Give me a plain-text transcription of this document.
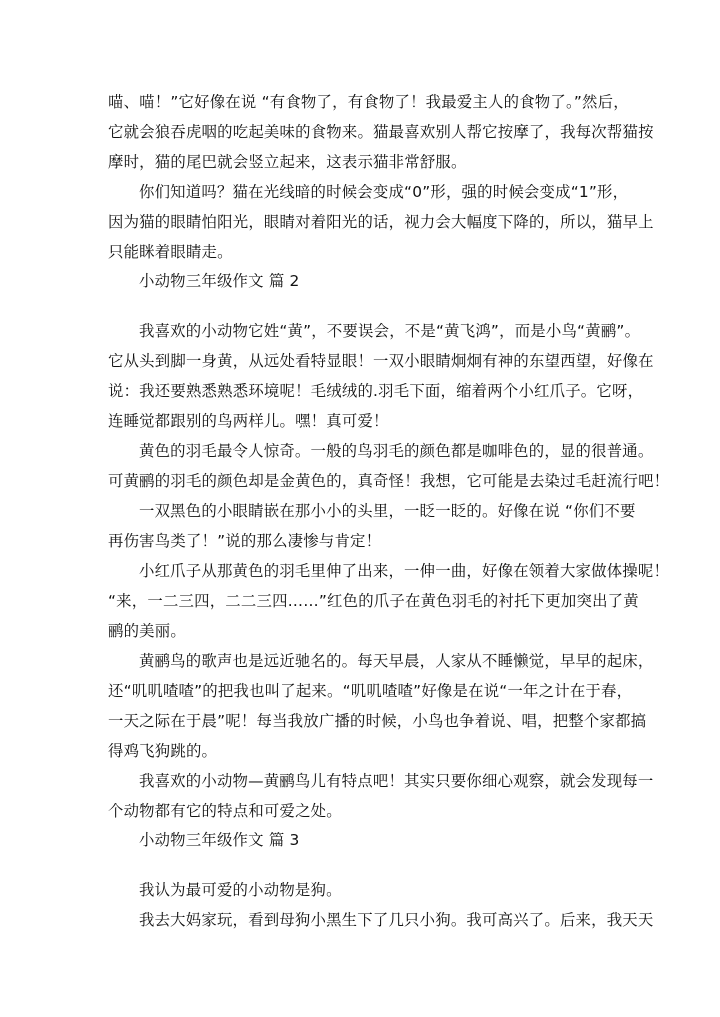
喵、喵！”它好像在说 “有食物了，有食物了！我最爱主人的食物了。”然后，
它就会狼吞虎咽的吃起美味的食物来。猫最喜欢别人帮它按摩了，我每次帮猫按
摩时，猫的尾巴就会竖立起来，这表示猫非常舒服。
你们知道吗？猫在光线暗的时候会变成“0”形，强的时候会变成“1”形，
因为猫的眼睛怕阳光，眼睛对着阳光的话，视力会大幅度下降的，所以，猫早上
只能眯着眼睛走。
小动物三年级作文 篇 2
我喜欢的小动物它姓“黄”，不要误会，不是“黄飞鸿”，而是小鸟“黄鹂”。
它从头到脚一身黄，从远处看特显眼！一双小眼睛炯炯有神的东望西望，好像在
说：我还要熟悉熟悉环境呢！毛绒绒的.羽毛下面，缩着两个小红爪子。它呀，
连睡觉都跟别的鸟两样儿。嘿！真可爱！
黄色的羽毛最令人惊奇。一般的鸟羽毛的颜色都是咖啡色的，显的很普通。
可黄鹂的羽毛的颜色却是金黄色的，真奇怪！我想，它可能是去染过毛赶流行吧！
一双黑色的小眼睛嵌在那小小的头里，一眨一眨的。好像在说 “你们不要
再伤害鸟类了！”说的那么凄惨与肯定！
小红爪子从那黄色的羽毛里伸了出来，一伸一曲，好像在领着大家做体操呢！
“来，一二三四，二二三四……”红色的爪子在黄色羽毛的衬托下更加突出了黄
鹂的美丽。
黄鹂鸟的歌声也是远近驰名的。每天早晨，人家从不睡懒觉，早早的起床，
还“叽叽喳喳”的把我也叫了起来。“叽叽喳喳”好像是在说“一年之计在于春，
一天之际在于晨”呢！每当我放广播的时候，小鸟也争着说、唱，把整个家都搞
得鸡飞狗跳的。
我喜欢的小动物—黄鹂鸟儿有特点吧！其实只要你细心观察，就会发现每一
个动物都有它的特点和可爱之处。
小动物三年级作文 篇 3
我认为最可爱的小动物是狗。
我去大妈家玩，看到母狗小黑生下了几只小狗。我可高兴了。后来，我天天
